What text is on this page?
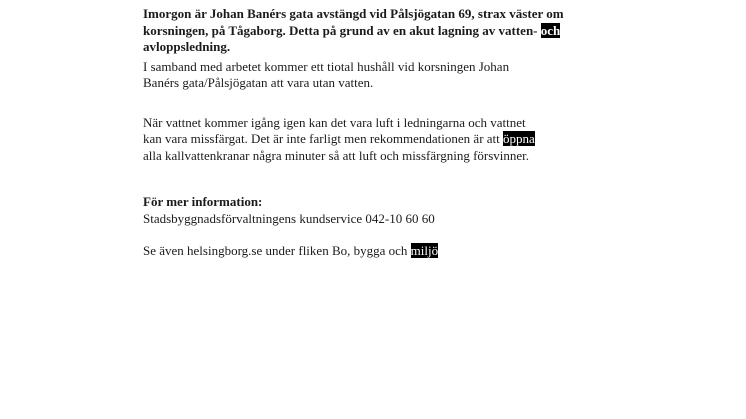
Imorgon är Johan Banérs gata avstängd vid Pålsjögatan 69, strax väster om
korsningen, på Tågaborg. Detta på grund av en akut lagning av vatten- och
avloppsledning.

I samband med arbetet kommer ett tiotal hushåll vid korsningen Johan
Banérs gata/Pålsjögatan att vara utan vatten.

När vattnet kommer igång igen kan det vara luft i ledningarna och vattnet
kan vara missfärgat. Det är inte farligt men rekommendationen är att öppna
alla kallvattenkranar några minuter så att luft och missfärgning försvinner.

För mer information:

Stadsbyggnadsförvaltningens kundservice 042-10 60 60

Se även helsingborg.se under fliken Bo, bygga och miljö
